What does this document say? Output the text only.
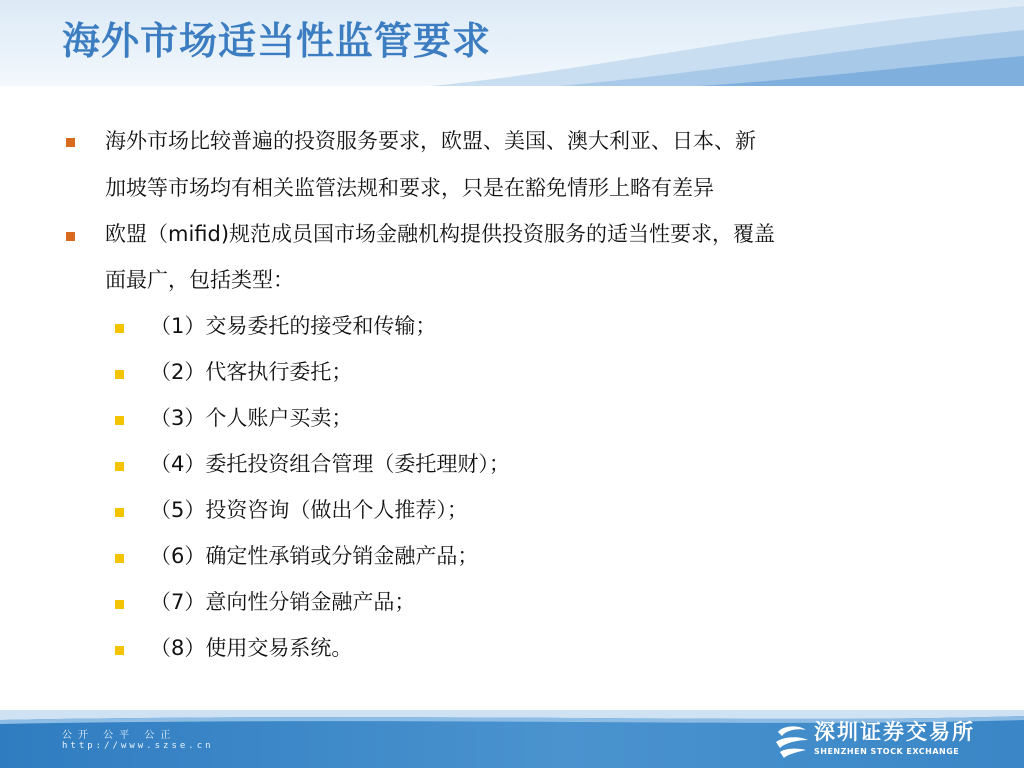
海外市场适当性监管要求
海外市场比较普遍的投资服务要求，欧盟、美国、澳大利亚、日本、新
加坡等市场均有相关监管法规和要求，只是在豁免情形上略有差异
欧盟（mifid)规范成员国市场金融机构提供投资服务的适当性要求，覆盖
面最广，包括类型：
（1）交易委托的接受和传输；
（2）代客执行委托；
（3）个人账户买卖；
（4）委托投资组合管理（委托理财）；
（5）投资咨询（做出个人推荐）；
（6）确定性承销或分销金融产品；
（7）意向性分销金融产品；
（8）使用交易系统。
公开 公平 公正
http://www.szse.cn
深圳证券交易所
SHENZHEN STOCK EXCHANGE
